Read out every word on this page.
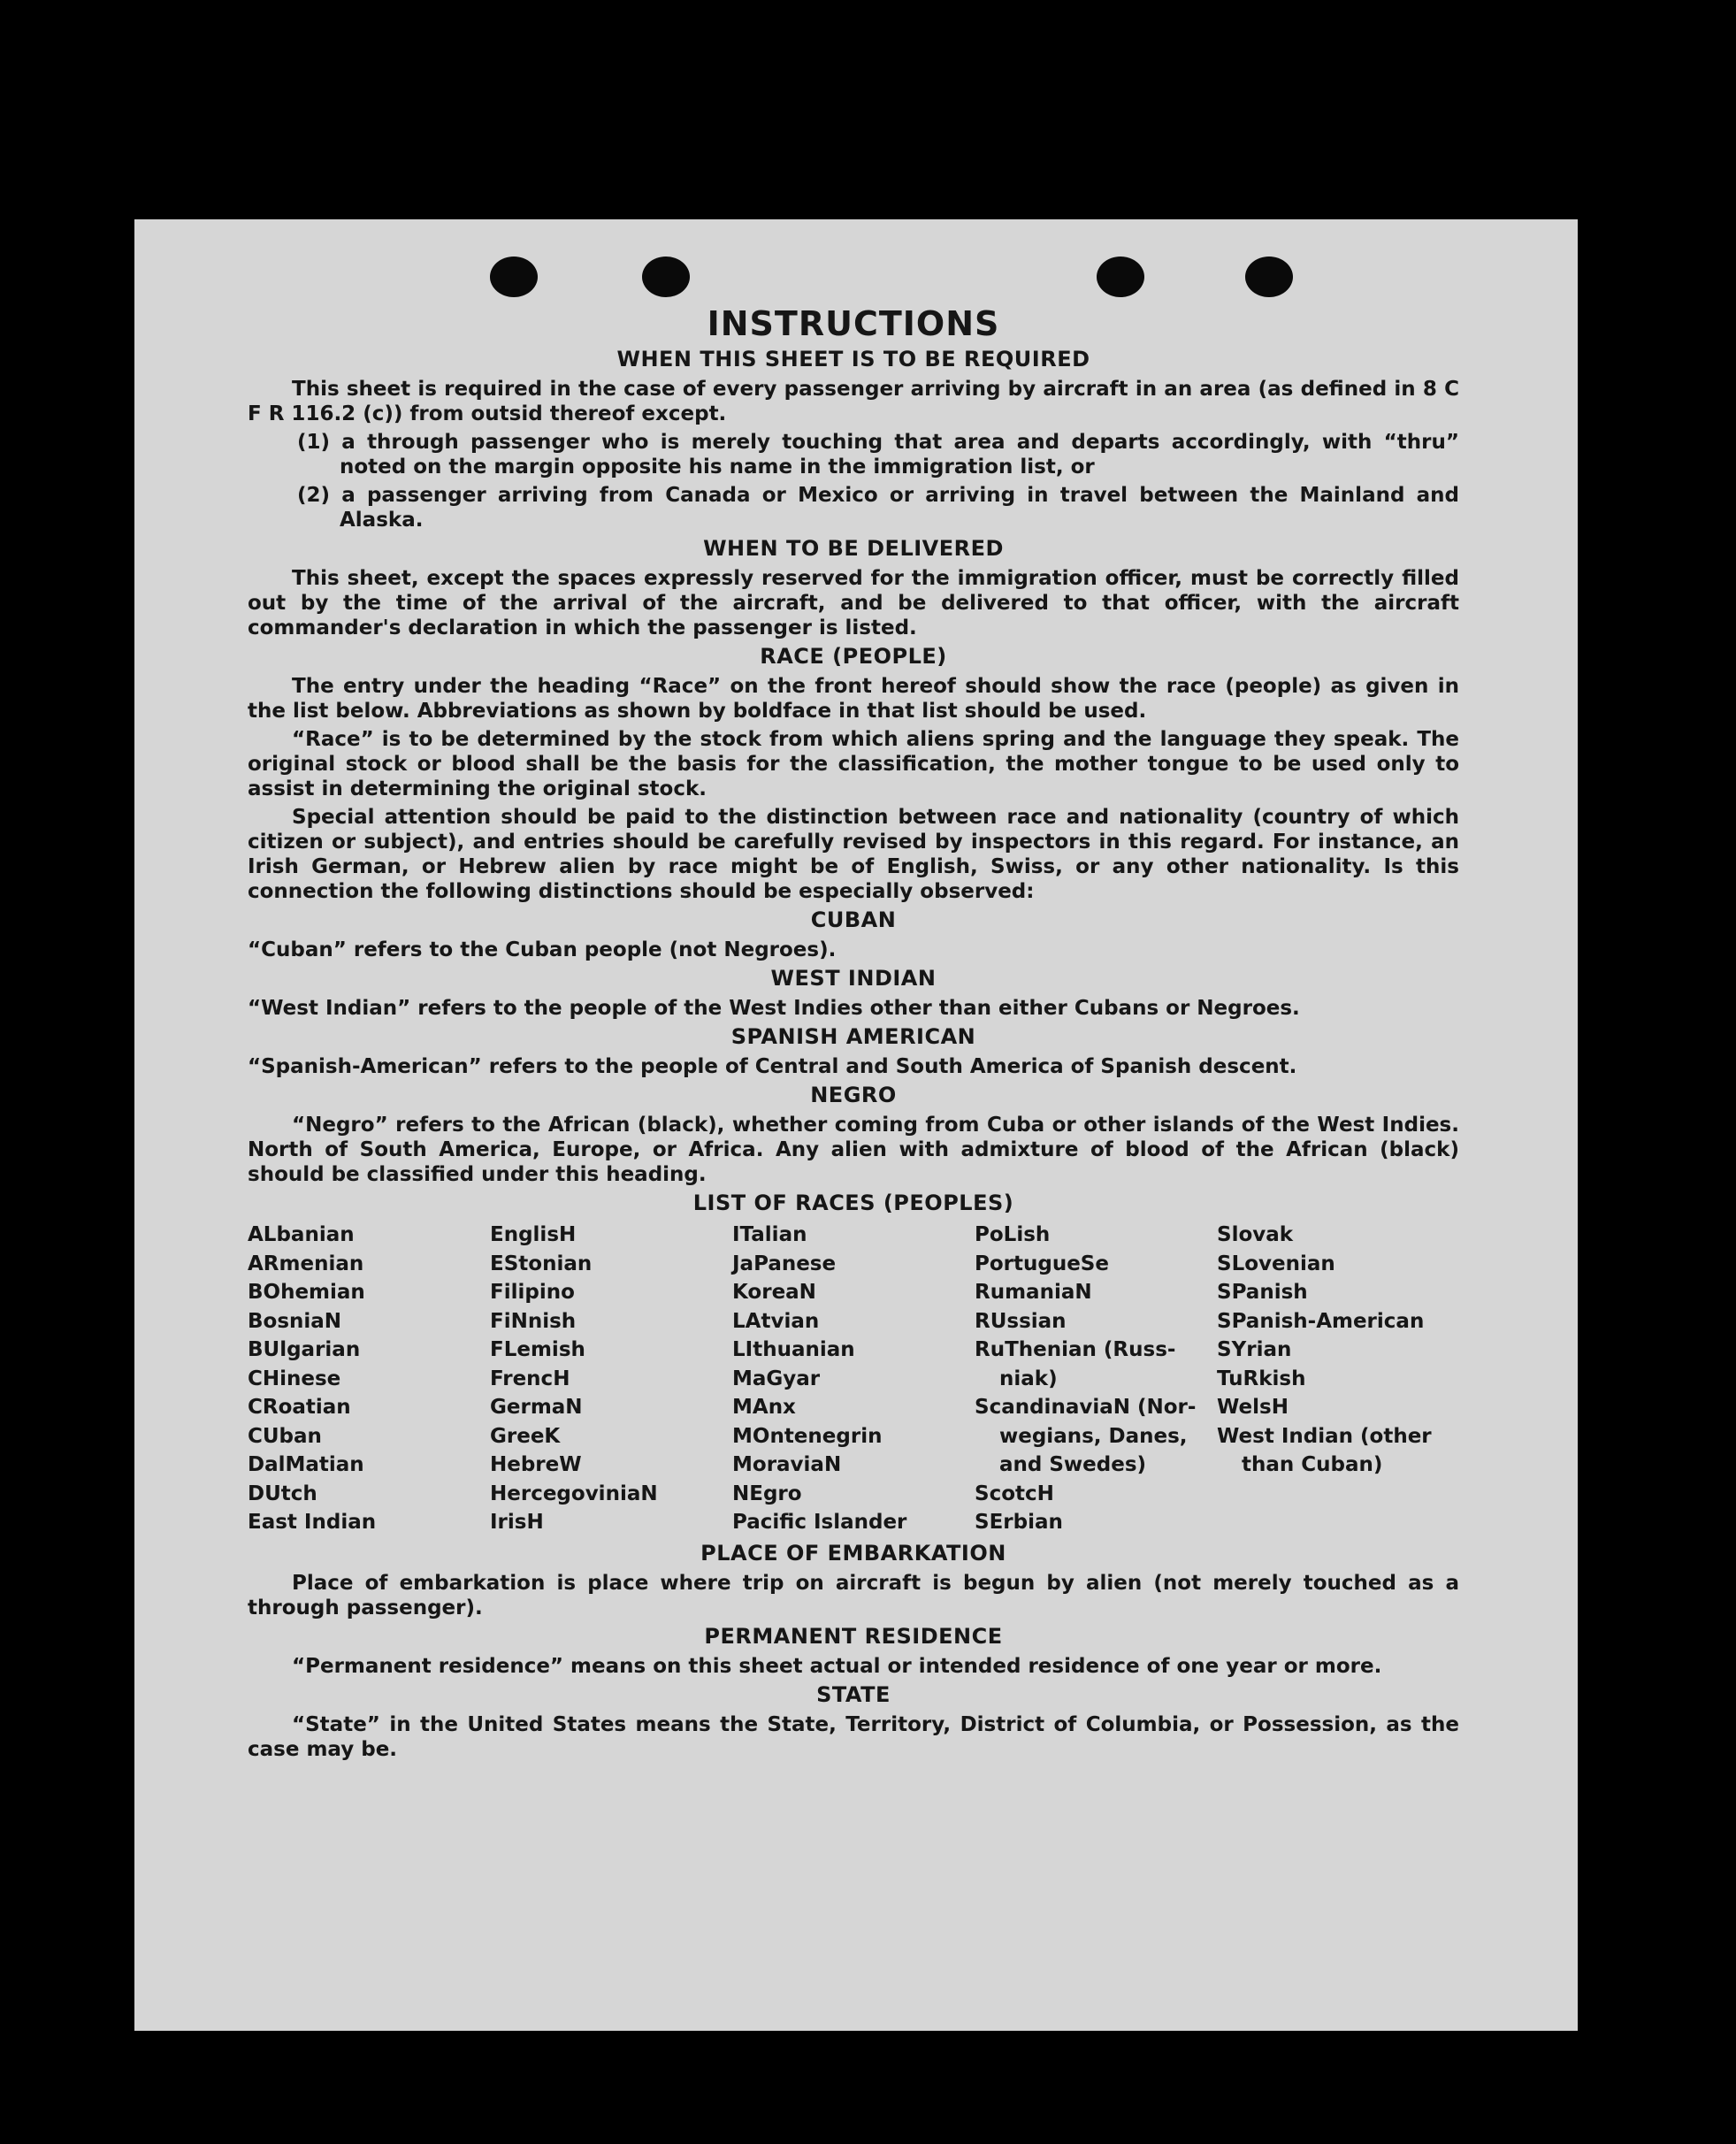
INSTRUCTIONS
WHEN THIS SHEET IS TO BE REQUIRED

This sheet is required in the case of every passenger arriving by aircraft in an area (as defined in 8 C F R 116.2 (c)) from outsid thereof except.

(1) a through passenger who is merely touching that area and departs accordingly, with “thru” noted on the margin opposite his name in the immigration list, or

(2) a passenger arriving from Canada or Mexico or arriving in travel between the Mainland and Alaska.

WHEN TO BE DELIVERED

This sheet, except the spaces expressly reserved for the immigration officer, must be correctly filled out by the time of the arrival of the aircraft, and be delivered to that officer, with the aircraft commander's declaration in which the passenger is listed.

RACE (PEOPLE)

The entry under the heading “Race” on the front hereof should show the race (people) as given in the list below. Abbreviations as shown by boldface in that list should be used.

“Race” is to be determined by the stock from which aliens spring and the language they speak. The original stock or blood shall be the basis for the classification, the mother tongue to be used only to assist in determining the original stock.

Special attention should be paid to the distinction between race and nationality (country of which citizen or subject), and entries should be carefully revised by inspectors in this regard. For instance, an Irish German, or Hebrew alien by race might be of English, Swiss, or any other nationality. Is this connection the following distinctions should be especially observed:

CUBAN

“Cuban” refers to the Cuban people (not Negroes).

WEST INDIAN

“West Indian” refers to the people of the West Indies other than either Cubans or Negroes.

SPANISH AMERICAN

“Spanish-American” refers to the people of Central and South America of Spanish descent.

NEGRO

“Negro” refers to the African (black), whether coming from Cuba or other islands of the West Indies. North of South America, Europe, or Africa. Any alien with admixture of blood of the African (black) should be classified under this heading.

LIST OF RACES (PEOPLES)
ALbanian
ARmenian
BOhemian
BosniaN
BUlgarian
CHinese
CRoatian
CUban
DalMatian
DUtch
East Indian
EnglisH
EStonian
Filipino
FiNnish
FLemish
FrencH
GermaN
GreeK
HebreW
HercegoviniaN
IrisH
ITalian
JaPanese
KoreaN
LAtvian
LIthuanian
MaGyar
MAnx
MOntenegrin
MoraviaN
NEgro
Pacific Islander
PoLish
PortugueSe
RumaniaN
RUssian
RuThenian (Russ-
niak)
ScandinaviaN (Nor-
wegians, Danes,
and Swedes)
ScotcH
SErbian
Slovak
SLovenian
SPanish
SPanish-American
SYrian
TuRkish
WelsH
West Indian (other
than Cuban)
PLACE OF EMBARKATION

Place of embarkation is place where trip on aircraft is begun by alien (not merely touched as a through passenger).

PERMANENT RESIDENCE

“Permanent residence” means on this sheet actual or intended residence of one year or more.

STATE

“State” in the United States means the State, Territory, District of Columbia, or Possession, as the case may be.
